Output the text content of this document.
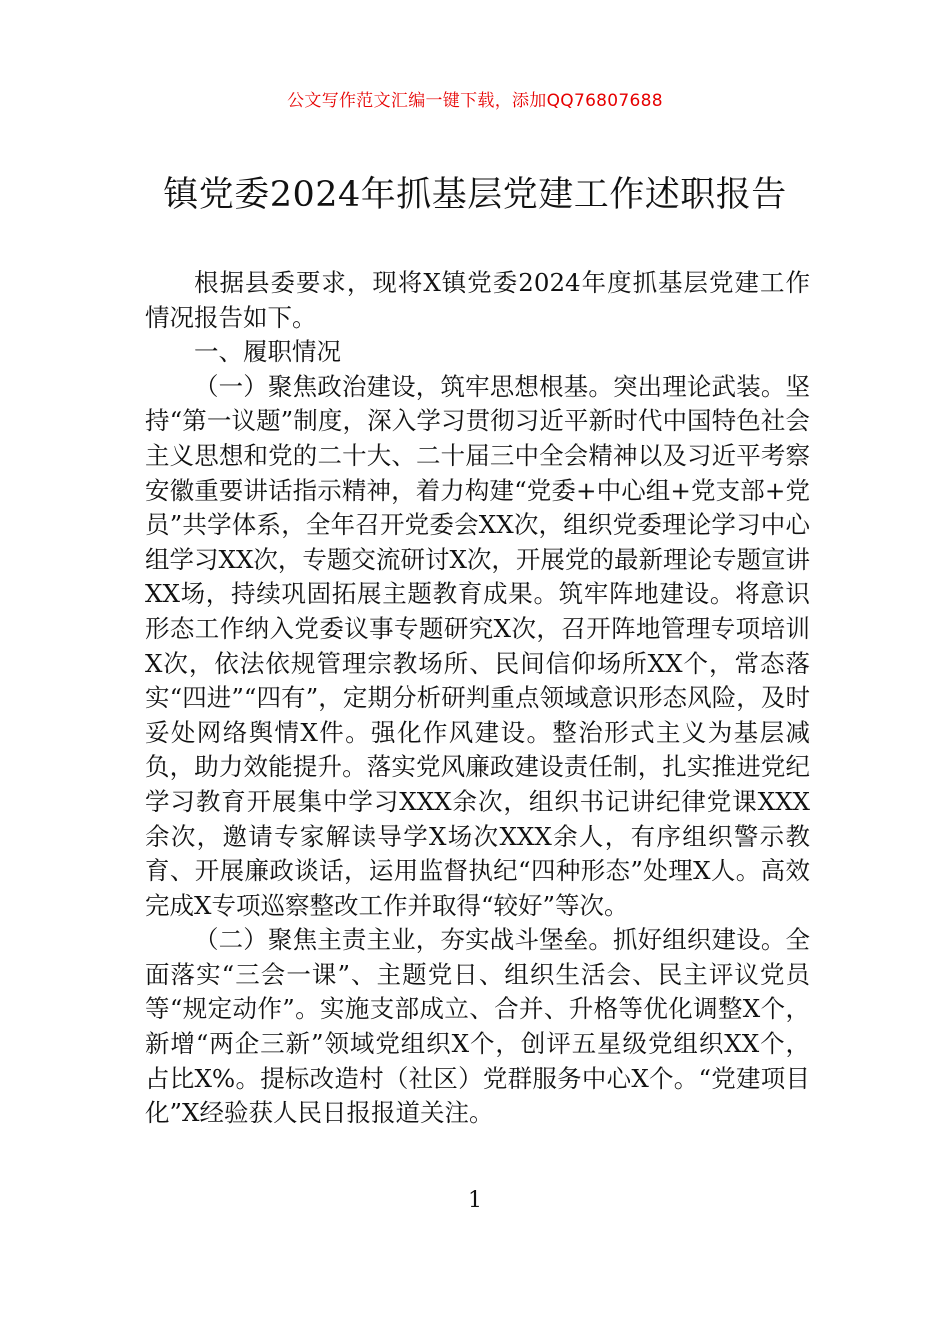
公文写作范文汇编一键下载，添加QQ76807688
镇党委2024年抓基层党建工作述职报告

根据县委要求，现将X镇党委2024年度抓基层党建工作情况报告如下。

一、履职情况

（一）聚焦政治建设，筑牢思想根基。突出理论武装。坚持“第一议题”制度，深入学习贯彻习近平新时代中国特色社会主义思想和党的二十大、二十届三中全会精神以及习近平考察安徽重要讲话指示精神，着力构建“党委+中心组+党支部+党员”共学体系，全年召开党委会XX次，组织党委理论学习中心组学习XX次，专题交流研讨X次，开展党的最新理论专题宣讲XX场，持续巩固拓展主题教育成果。筑牢阵地建设。将意识形态工作纳入党委议事专题研究X次，召开阵地管理专项培训X次，依法依规管理宗教场所、民间信仰场所XX个，常态落实“四进”“四有”，定期分析研判重点领域意识形态风险，及时妥处网络舆情X件。强化作风建设。整治形式主义为基层减负，助力效能提升。落实党风廉政建设责任制，扎实推进党纪学习教育开展集中学习XXX余次，组织书记讲纪律党课XXX余次，邀请专家解读导学X场次XXX余人，有序组织警示教育、开展廉政谈话，运用监督执纪“四种形态”处理X人。高效完成X专项巡察整改工作并取得“较好”等次。

（二）聚焦主责主业，夯实战斗堡垒。抓好组织建设。全面落实“三会一课”、主题党日、组织生活会、民主评议党员等“规定动作”。实施支部成立、合并、升格等优化调整X个，新增“两企三新”领域党组织X个，创评五星级党组织XX个，占比X%。提标改造村（社区）党群服务中心X个。“党建项目化”X经验获人民日报报道关注。

1
